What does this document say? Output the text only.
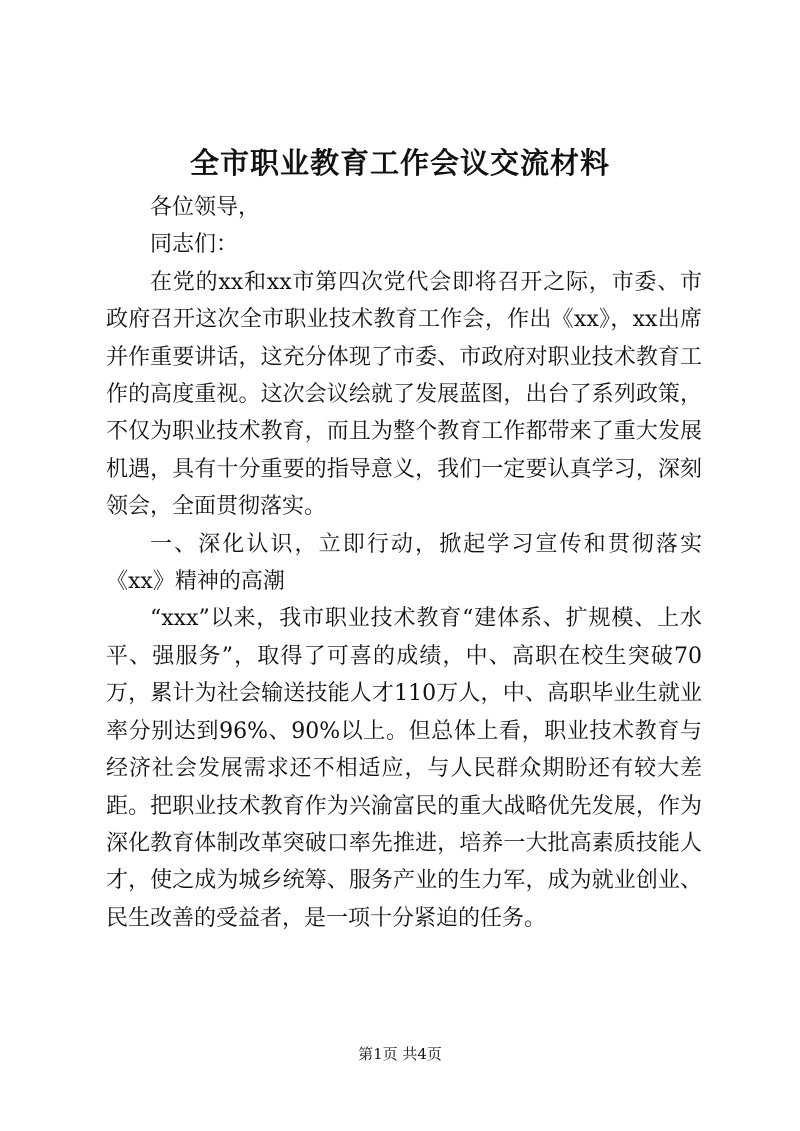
全市职业教育工作会议交流材料

各位领导，

同志们：

在党的xx和xx市第四次党代会即将召开之际，市委、市政府召开这次全市职业技术教育工作会，作出《xx》，xx出席并作重要讲话，这充分体现了市委、市政府对职业技术教育工作的高度重视。这次会议绘就了发展蓝图，出台了系列政策，不仅为职业技术教育，而且为整个教育工作都带来了重大发展机遇，具有十分重要的指导意义，我们一定要认真学习，深刻领会，全面贯彻落实。

一、深化认识，立即行动，掀起学习宣传和贯彻落实《xx》精神的高潮

“xxx”以来，我市职业技术教育“建体系、扩规模、上水平、强服务”，取得了可喜的成绩，中、高职在校生突破70万，累计为社会输送技能人才110万人，中、高职毕业生就业率分别达到96%、90%以上。但总体上看，职业技术教育与经济社会发展需求还不相适应，与人民群众期盼还有较大差距。把职业技术教育作为兴渝富民的重大战略优先发展，作为深化教育体制改革突破口率先推进，培养一大批高素质技能人才，使之成为城乡统筹、服务产业的生力军，成为就业创业、民生改善的受益者，是一项十分紧迫的任务。

第1页 共4页
